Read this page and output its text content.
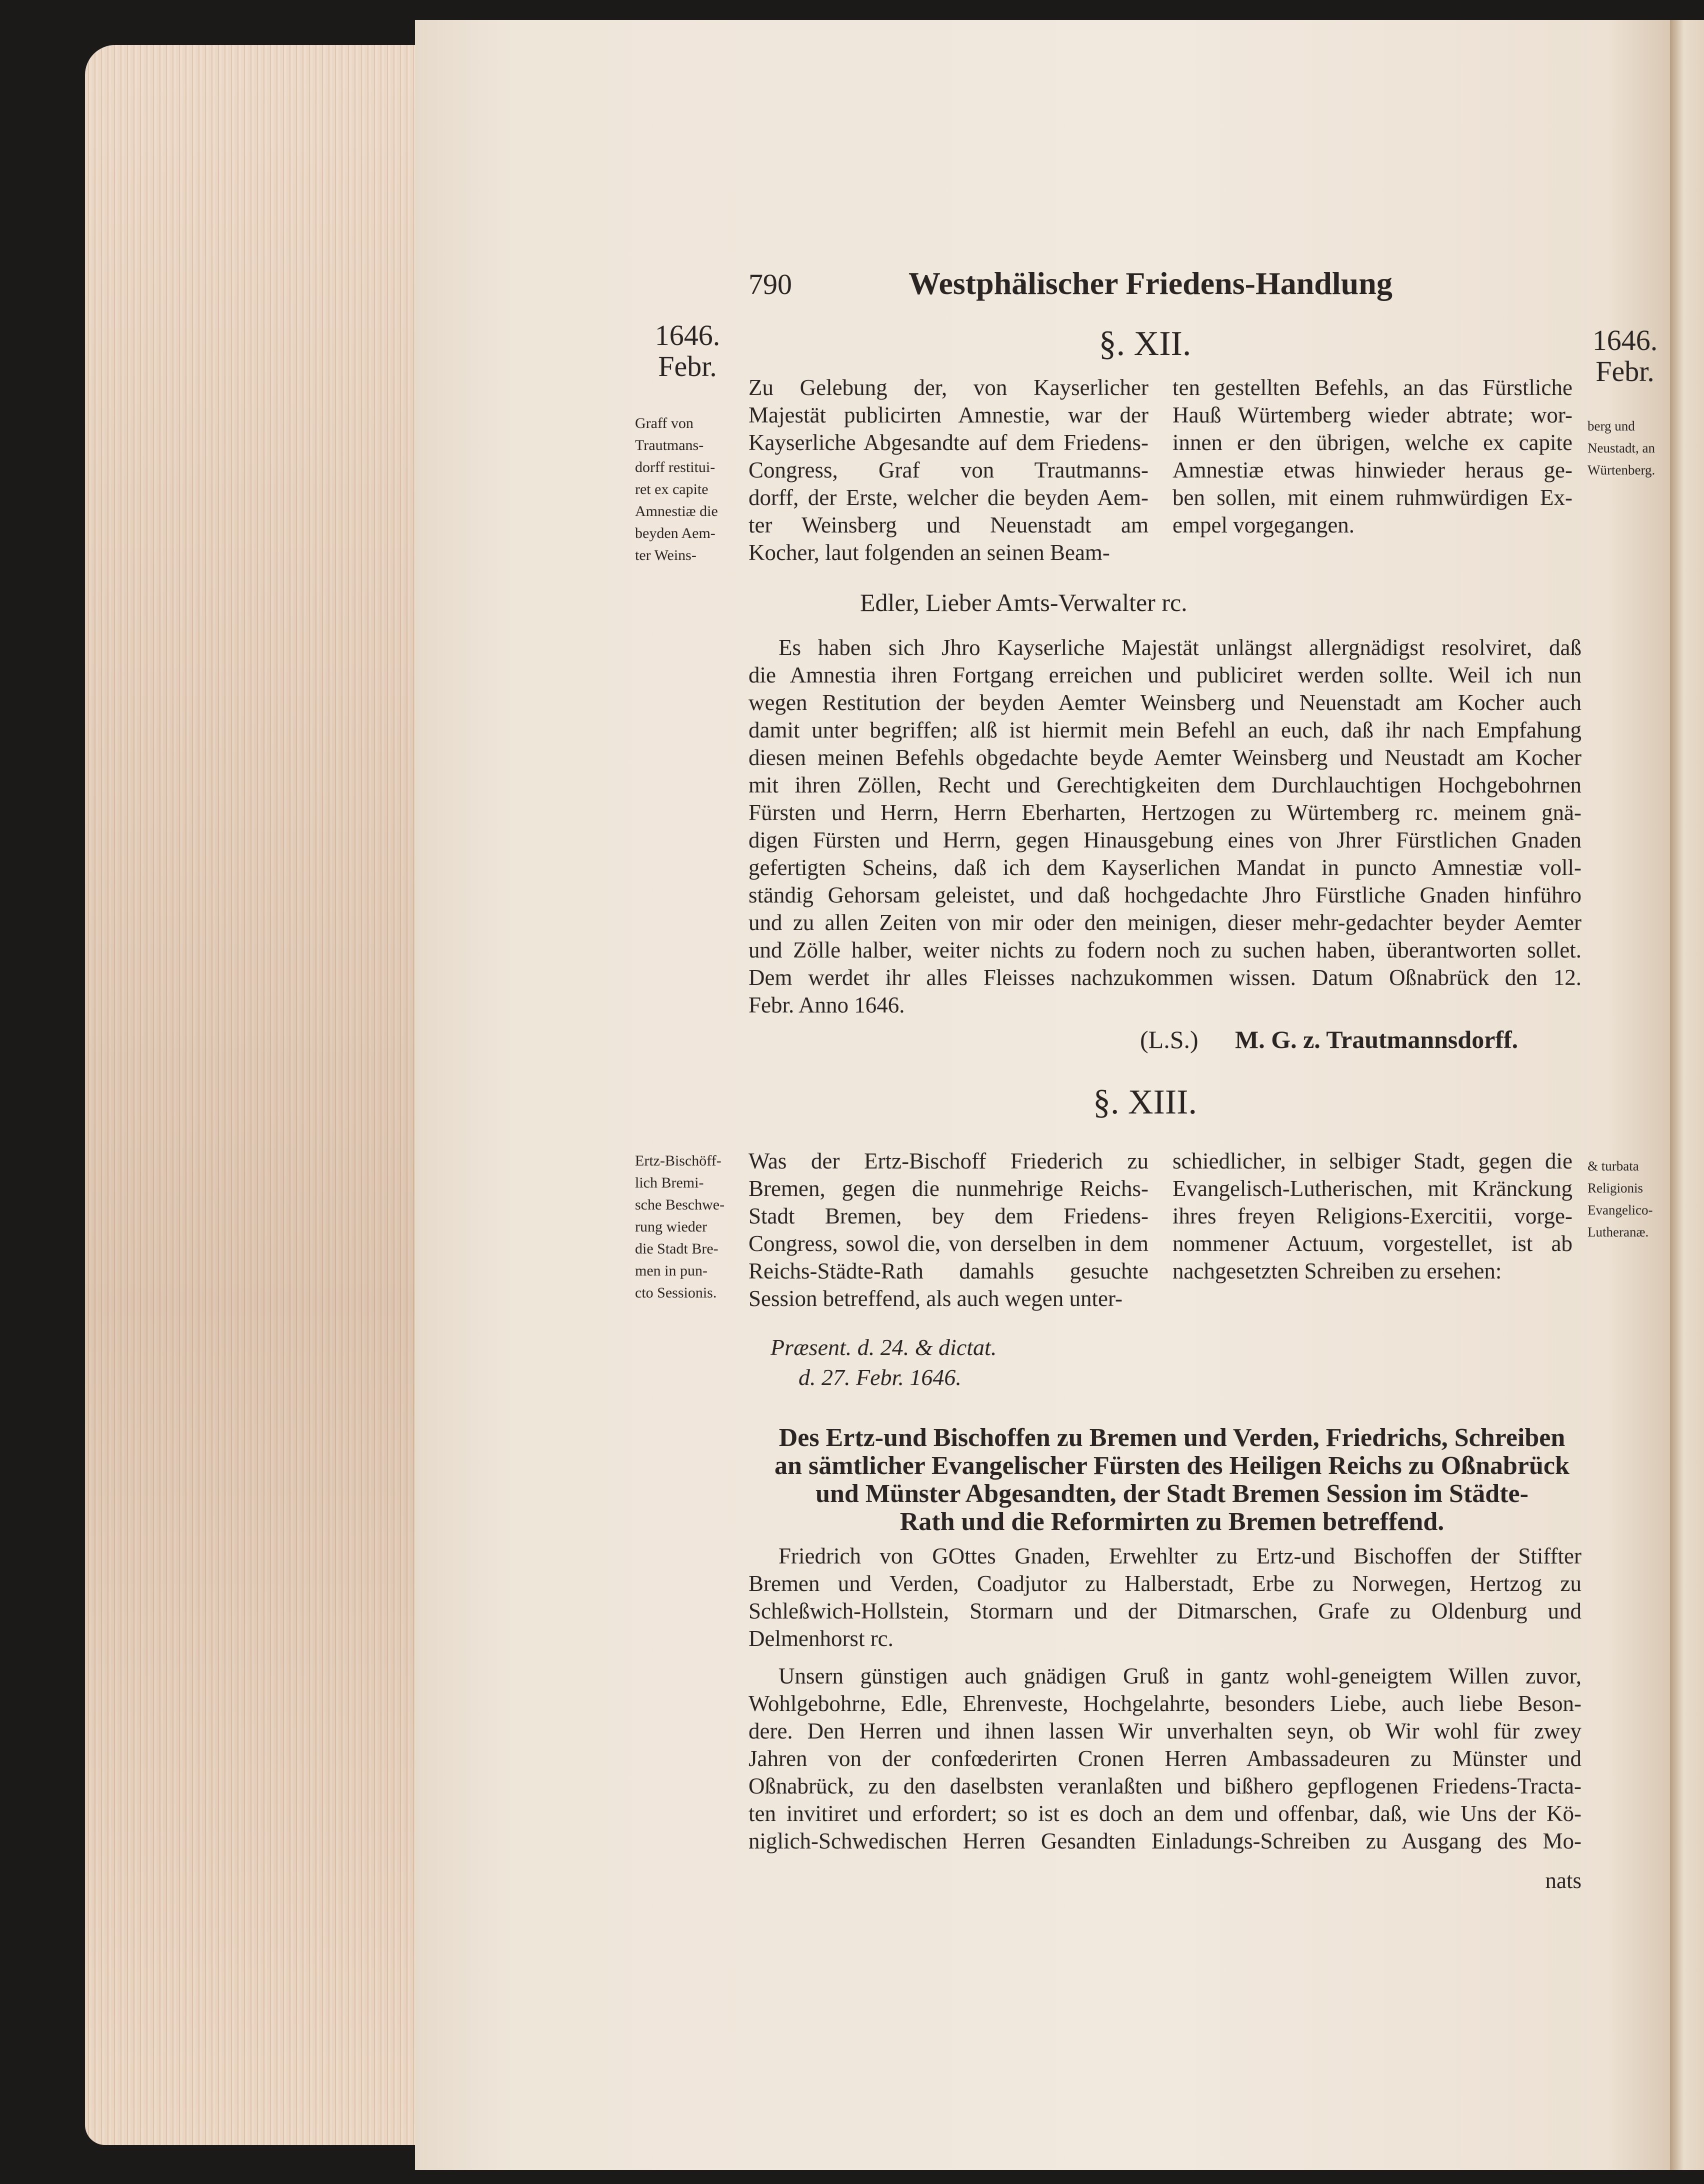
790	Westphälischer Friedens-Handlung
1646.
Febr.
1646.
Febr.
§. XII.
Zu Gelebung der, von Kayserlicher
Majestät publicirten Amnestie, war der
Kayserliche Abgesandte auf dem Friedens-
Congress, Graf von Trautmanns-
dorff, der Erste, welcher die beyden Aem-
ter Weinsberg und Neuenstadt am
Kocher, laut folgenden an seinen Beam-
ten gestellten Befehls, an das Fürstliche
Hauß Würtemberg wieder abtrate; wor-
innen er den übrigen, welche ex capite
Amnestiæ etwas hinwieder heraus ge-
ben sollen, mit einem ruhmwürdigen Ex-
empel vorgegangen.
Graff von
Trautmans-
dorff restitui-
ret ex capite
Amnestiæ die
beyden Aem-
ter Weins-
berg und
Neustadt, an
Würtenberg.
Edler, Lieber Amts-Verwalter rc.
Es haben sich Jhro Kayserliche Majestät unlängst allergnädigst resolviret, daß
die Amnestia ihren Fortgang erreichen und publiciret werden sollte. Weil ich nun
wegen Restitution der beyden Aemter Weinsberg und Neuenstadt am Kocher auch
damit unter begriffen; alß ist hiermit mein Befehl an euch, daß ihr nach Empfahung
diesen meinen Befehls obgedachte beyde Aemter Weinsberg und Neustadt am Kocher
mit ihren Zöllen, Recht und Gerechtigkeiten dem Durchlauchtigen Hochgebohrnen
Fürsten und Herrn, Herrn Eberharten, Hertzogen zu Würtemberg rc. meinem gnä-
digen Fürsten und Herrn, gegen Hinausgebung eines von Jhrer Fürstlichen Gnaden
gefertigten Scheins, daß ich dem Kayserlichen Mandat in puncto Amnestiæ voll-
ständig Gehorsam geleistet, und daß hochgedachte Jhro Fürstliche Gnaden hinführo
und zu allen Zeiten von mir oder den meinigen, dieser mehr-gedachter beyder Aemter
und Zölle halber, weiter nichts zu fodern noch zu suchen haben, überantworten sollet.
Dem werdet ihr alles Fleisses nachzukommen wissen. Datum Oßnabrück den 12.
Febr. Anno 1646.
(L.S.) M. G. z. Trautmannsdorff.
§. XIII.
Was der Ertz-Bischoff Friederich zu
Bremen, gegen die nunmehrige Reichs-
Stadt Bremen, bey dem Friedens-
Congress, sowol die, von derselben in dem
Reichs-Städte-Rath damahls gesuchte
Session betreffend, als auch wegen unter-
schiedlicher, in selbiger Stadt, gegen die
Evangelisch-Lutherischen, mit Kränckung
ihres freyen Religions-Exercitii, vorge-
nommener Actuum, vorgestellet, ist ab
nachgesetzten Schreiben zu ersehen:
Ertz-Bischöff-
lich Bremi-
sche Beschwe-
rung wieder
die Stadt Bre-
men in pun-
cto Sessionis.
& turbata
Religionis
Evangelico-
Lutheranæ.
Præsent. d. 24. & dictat.
d. 27. Febr. 1646.
Des Ertz-und Bischoffen zu Bremen und Verden, Friedrichs, Schreiben
an sämtlicher Evangelischer Fürsten des Heiligen Reichs zu Oßnabrück
und Münster Abgesandten, der Stadt Bremen Session im Städte-
Rath und die Reformirten zu Bremen betreffend.
Friedrich von GOttes Gnaden, Erwehlter zu Ertz-und Bischoffen der Stiffter
Bremen und Verden, Coadjutor zu Halberstadt, Erbe zu Norwegen, Hertzog zu
Schleßwich-Hollstein, Stormarn und der Ditmarschen, Grafe zu Oldenburg und
Delmenhorst rc.
Unsern günstigen auch gnädigen Gruß in gantz wohl-geneigtem Willen zuvor,
Wohlgebohrne, Edle, Ehrenveste, Hochgelahrte, besonders Liebe, auch liebe Beson-
dere. Den Herren und ihnen lassen Wir unverhalten seyn, ob Wir wohl für zwey
Jahren von der confœderirten Cronen Herren Ambassadeuren zu Münster und
Oßnabrück, zu den daselbsten veranlaßten und bißhero gepflogenen Friedens-Tracta-
ten invitiret und erfordert; so ist es doch an dem und offenbar, daß, wie Uns der Kö-
niglich-Schwedischen Herren Gesandten Einladungs-Schreiben zu Ausgang des Mo-
nats
